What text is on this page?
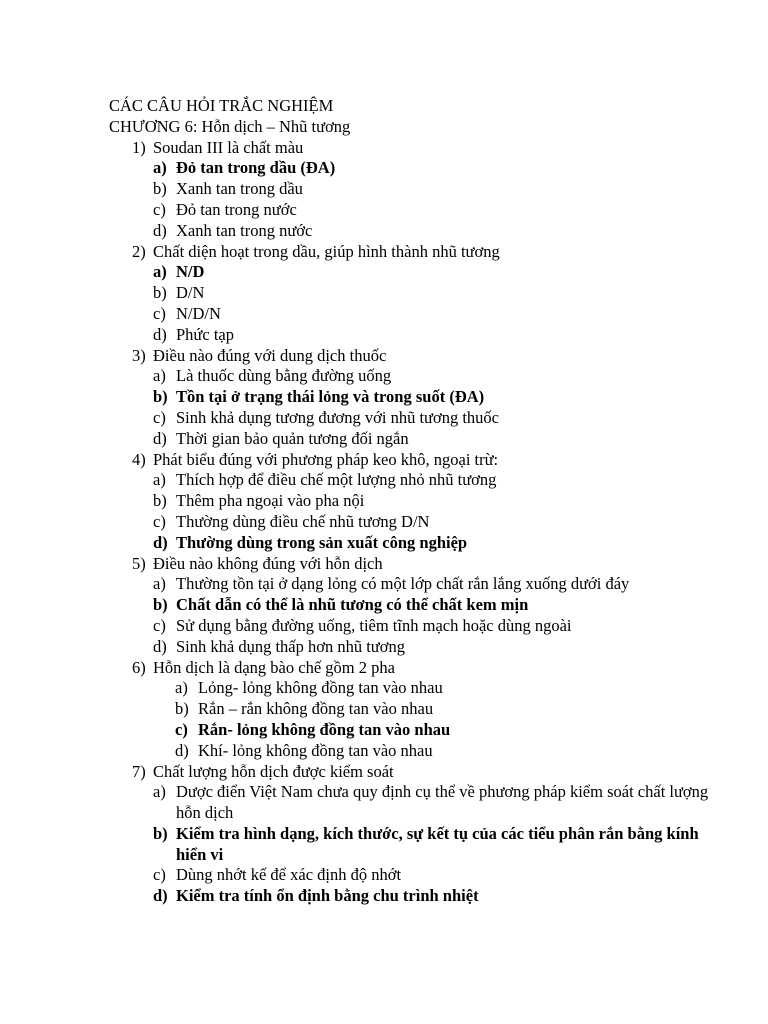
CÁC CÂU HỎI TRẮC NGHIỆM
CHƯƠNG 6: Hỗn dịch – Nhũ tương
1) Soudan III là chất màu
a) Đỏ tan trong dầu (ĐA)
b) Xanh tan trong dầu
c) Đỏ tan trong nước
d) Xanh tan trong nước
2) Chất diện hoạt trong dầu, giúp hình thành nhũ tương
a) N/D
b) D/N
c) N/D/N
d) Phức tạp
3) Điều nào đúng với dung dịch thuốc
a) Là thuốc dùng bằng đường uống
b) Tồn tại ở trạng thái lỏng và trong suốt (ĐA)
c) Sinh khả dụng tương đương với nhũ tương thuốc
d) Thời gian bảo quản tương đối ngắn
4) Phát biểu đúng với phương pháp keo khô, ngoại trừ:
a) Thích hợp để điều chế một lượng nhỏ nhũ tương
b) Thêm pha ngoại vào pha nội
c) Thường dùng điều chế nhũ tương D/N
d) Thường dùng trong sản xuất công nghiệp
5) Điều nào không đúng với hỗn dịch
a) Thường tồn tại ở dạng lỏng có một lớp chất rắn lắng xuống dưới đáy
b) Chất dẫn có thể là nhũ tương có thể chất kem mịn
c) Sử dụng bằng đường uống, tiêm tĩnh mạch hoặc dùng ngoài
d) Sinh khả dụng thấp hơn nhũ tương
6) Hỗn dịch là dạng bào chế gồm 2 pha
a) Lỏng- lỏng không đồng tan vào nhau
b) Rắn – rắn không đồng tan vào nhau
c) Rắn- lỏng không đồng tan vào nhau
d) Khí- lỏng không đồng tan vào nhau
7) Chất lượng hỗn dịch được kiểm soát
a) Dược điển Việt Nam chưa quy định cụ thể về phương pháp kiểm soát chất lượng hỗn dịch
b) Kiểm tra hình dạng, kích thước, sự kết tụ của các tiểu phân rắn bằng kính hiển vi
c) Dùng nhớt kế để xác định độ nhớt
d) Kiểm tra tính ổn định bằng chu trình nhiệt
